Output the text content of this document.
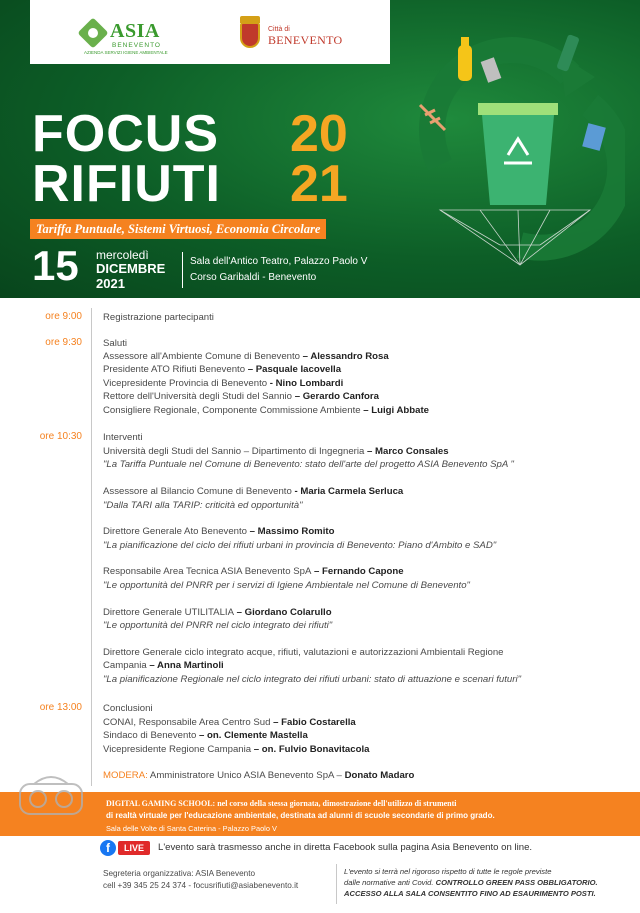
ASIA
BENEVENTO
AZIENDA SERVIZI IGIENE AMBIENTALE
Città di
BENEVENTO
FOCUS
RIFIUTI
20
21
Tariffa Puntuale, Sistemi Virtuosi, Economia Circolare
15 mercoledì
DICEMBRE
2021
Sala dell'Antico Teatro, Palazzo Paolo V
Corso Garibaldi - Benevento
ore 9:00 Registrazione partecipanti
ore 9:30 Saluti
Assessore all'Ambiente Comune di Benevento – Alessandro Rosa
Presidente ATO Rifiuti Benevento – Pasquale Iacovella
Vicepresidente Provincia di Benevento - Nino Lombardi
Rettore dell'Università degli Studi del Sannio – Gerardo Canfora
Consigliere Regionale, Componente Commissione Ambiente – Luigi Abbate
ore 10:30 Interventi
Università degli Studi del Sannio – Dipartimento di Ingegneria – Marco Consales
"La Tariffa Puntuale nel Comune di Benevento: stato dell'arte del progetto ASIA Benevento SpA "
Assessore al Bilancio Comune di Benevento - Maria Carmela Serluca
"Dalla TARI alla TARIP: criticità ed opportunità"
Direttore Generale Ato Benevento – Massimo Romito
"La pianificazione del ciclo dei rifiuti urbani in provincia di Benevento: Piano d'Ambito e SAD"
Responsabile Area Tecnica ASIA Benevento SpA – Fernando Capone
"Le opportunità del PNRR per i servizi di Igiene Ambientale nel Comune di Benevento"
Direttore Generale UTILITALIA – Giordano Colarullo
"Le opportunità del PNRR nel ciclo integrato dei rifiuti"
Direttore Generale ciclo integrato acque, rifiuti, valutazioni e autorizzazioni Ambientali Regione
Campania – Anna Martinoli
"La pianificazione Regionale nel ciclo integrato dei rifiuti urbani: stato di attuazione e scenari futuri"
ore 13:00 Conclusioni
CONAI, Responsabile Area Centro Sud – Fabio Costarella
Sindaco di Benevento – on. Clemente Mastella
Vicepresidente Regione Campania – on. Fulvio Bonavitacola
MODERA: Amministratore Unico ASIA Benevento SpA – Donato Madaro
DIGITAL GAMING SCHOOL: nel corso della stessa giornata, dimostrazione dell'utilizzo di strumenti
di realtà virtuale per l'educazione ambientale, destinata ad alunni di scuole secondarie di primo grado.
Sala delle Volte di Santa Caterina - Palazzo Paolo V
f	LIVE	L'evento sarà trasmesso anche in diretta Facebook sulla pagina Asia Benevento on line.
Segreteria organizzativa: ASIA Benevento
cell +39 345 25 24 374 - focusrifiuti@asiabenevento.it
L'evento si terrà nel rigoroso rispetto di tutte le regole previste
dalle normative anti Covid. CONTROLLO GREEN PASS OBBLIGATORIO.
ACCESSO ALLA SALA CONSENTITO FINO AD ESAURIMENTO POSTI.
